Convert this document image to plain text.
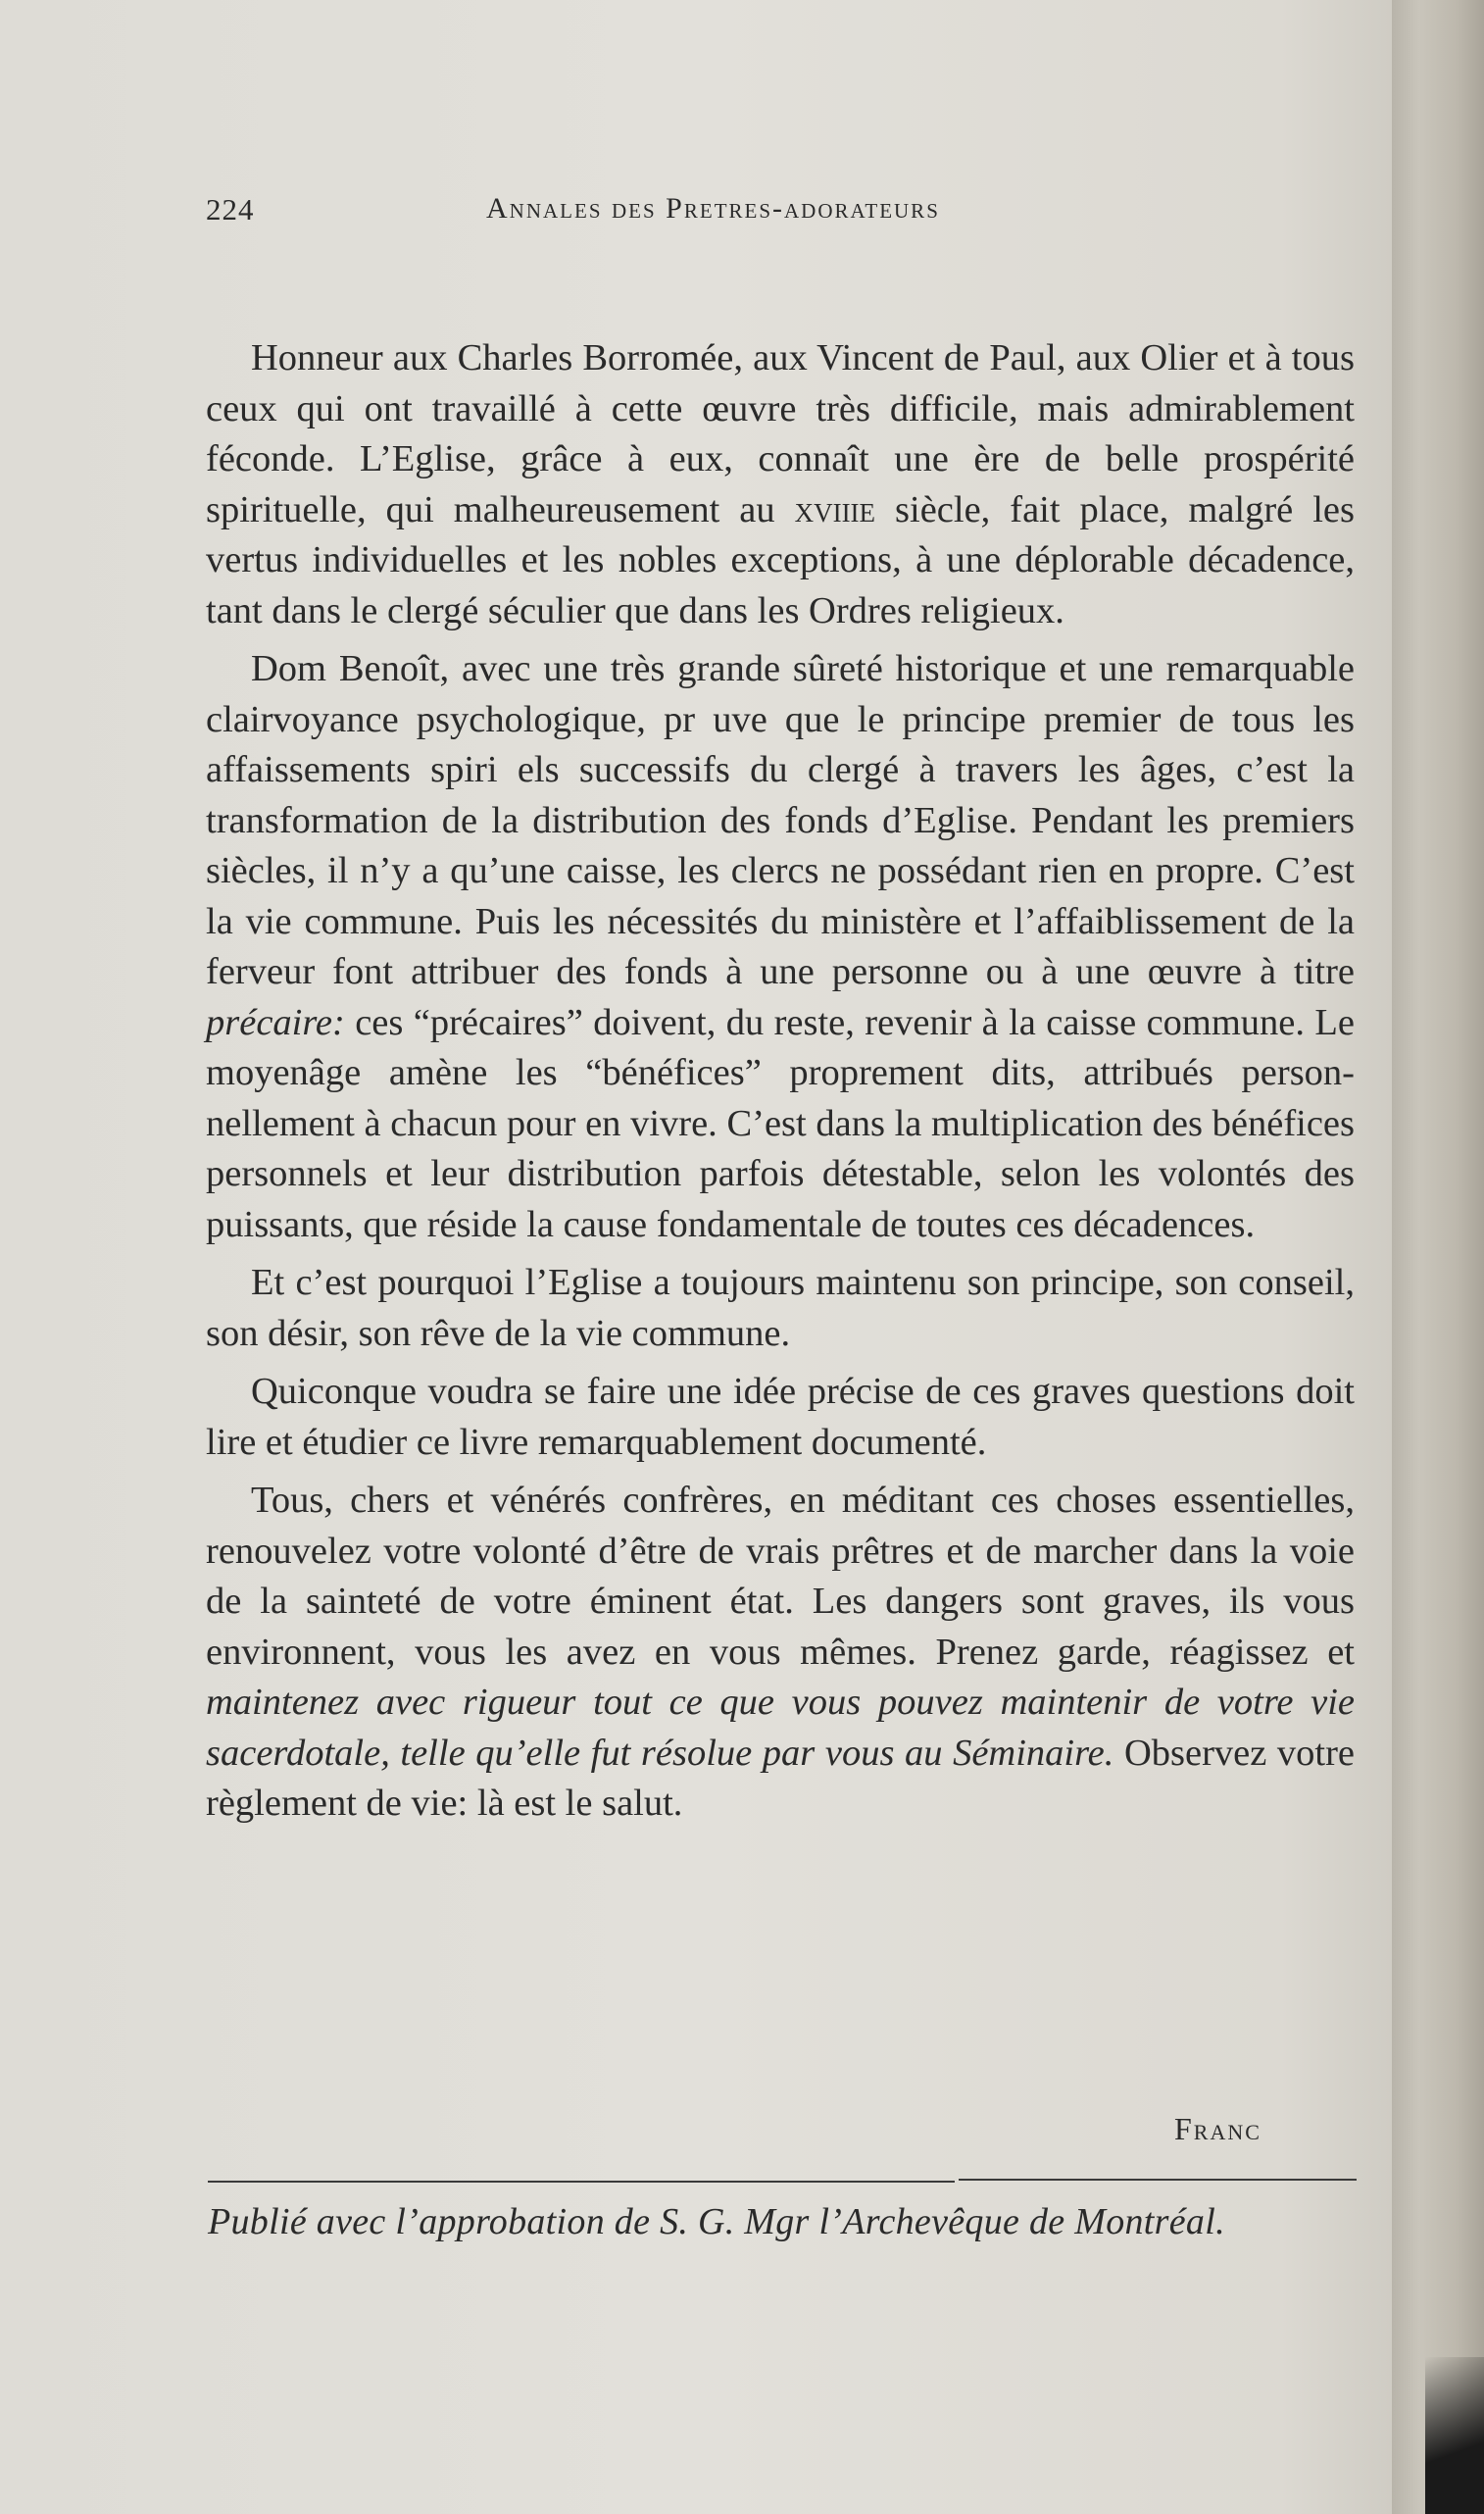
224	Annales des Pretres-adorateurs

Honneur aux Charles Borromée, aux Vincent de Paul, aux Olier et à tous ceux qui ont travaillé à cette œuvre très difficile, mais admirablement féconde. L’Eglise, grâce à eux, connaît une ère de belle prospérité spirituelle, qui malheureusement au xviiie siècle, fait place, malgré les vertus individuelles et les nobles exceptions, à une déplorable décadence, tant dans le clergé séculier que dans les Ordres religieux.

Dom Benoît, avec une très grande sûreté historique et une remarquable clairvoyance psychologique, pr uve que le principe premier de tous les affaissements spiri els successifs du clergé à travers les âges, c’est la transformation de la distribution des fonds d’Eglise. Pendant les premiers siècles, il n’y a qu’une caisse, les clercs ne possédant rien en propre. C’est la vie commune. Puis les nécessités du ministère et l’affaiblissement de la ferveur font attribuer des fonds à une personne ou à une œuvre à titre précaire: ces “précaires” doivent, du reste, revenir à la caisse commune. Le moyenâge amène les “bénéfices” proprement dits, attribués personnellement à chacun pour en vivre. C’est dans la multiplication des bénéfices personnels et leur distribution parfois détestable, selon les volontés des puissants, que réside la cause fondamentale de toutes ces décadences.

Et c’est pourquoi l’Eglise a toujours maintenu son principe, son conseil, son désir, son rêve de la vie commune.

Quiconque voudra se faire une idée précise de ces graves questions doit lire et étudier ce livre remarquablement documenté.

Tous, chers et vénérés confrères, en méditant ces choses essentielles, renouvelez votre volonté d’être de vrais prêtres et de marcher dans la voie de la sainteté de votre éminent état. Les dangers sont graves, ils vous environnent, vous les avez en vous mêmes. Prenez garde, réagissez et maintenez avec rigueur tout ce que vous pouvez maintenir de votre vie sacerdotale, telle qu’elle fut résolue par vous au Séminaire. Observez votre règlement de vie: là est le salut.

Franc
Publié avec l’approbation de S. G. Mgr l’Archevêque de Montréal.
